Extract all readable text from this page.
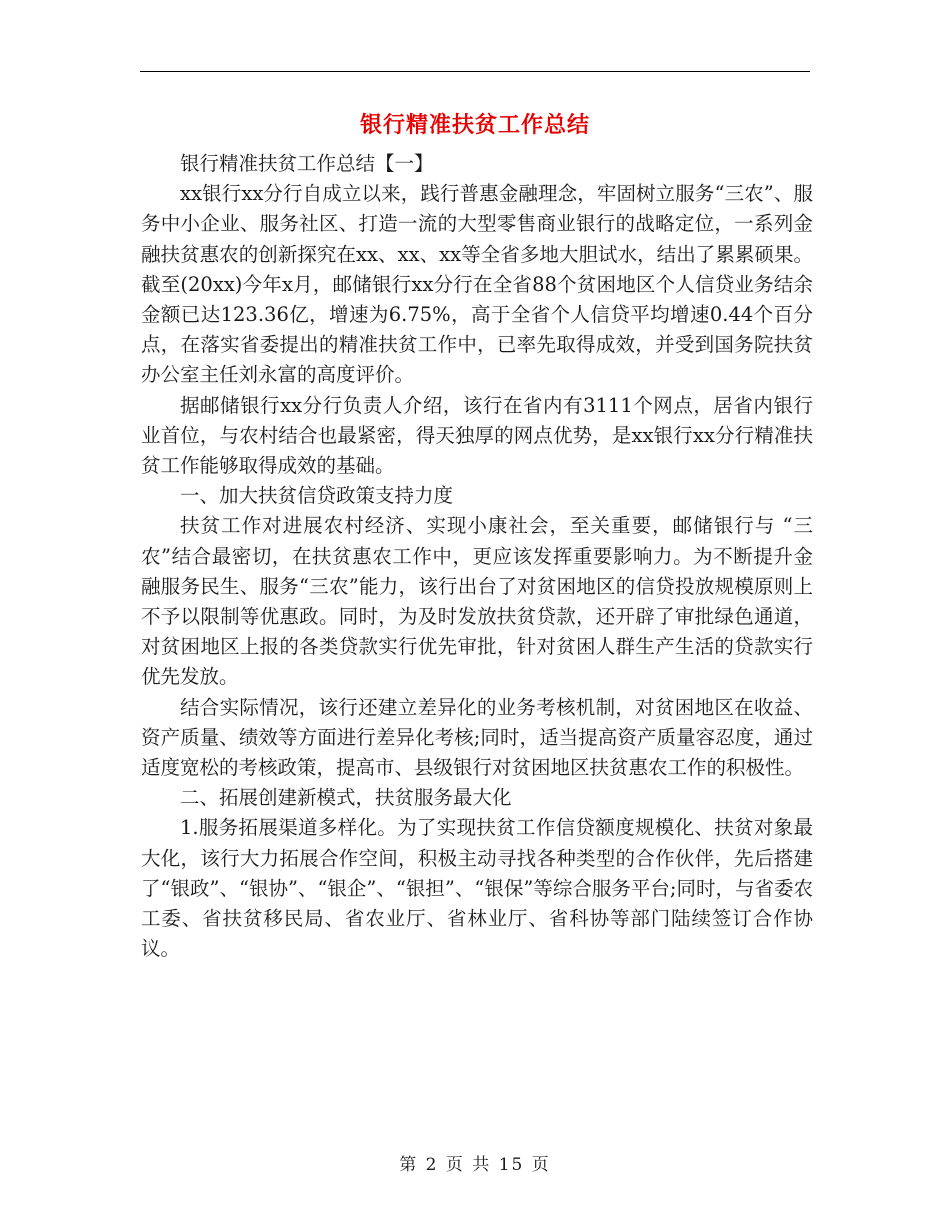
银行精准扶贫工作总结

银行精准扶贫工作总结【一】

xx银行xx分行自成立以来，践行普惠金融理念，牢固树立服务“三农”、服务中小企业、服务社区、打造一流的大型零售商业银行的战略定位，一系列金融扶贫惠农的创新探究在xx、xx、xx等全省多地大胆试水，结出了累累硕果。截至(20xx)今年x月，邮储银行xx分行在全省88个贫困地区个人信贷业务结余金额已达123.36亿，增速为6.75%，高于全省个人信贷平均增速0.44个百分点，在落实省委提出的精准扶贫工作中，已率先取得成效，并受到国务院扶贫办公室主任刘永富的高度评价。

据邮储银行xx分行负责人介绍，该行在省内有3111个网点，居省内银行业首位，与农村结合也最紧密，得天独厚的网点优势，是xx银行xx分行精准扶贫工作能够取得成效的基础。

一、加大扶贫信贷政策支持力度

扶贫工作对进展农村经济、实现小康社会，至关重要，邮储银行与 “三农”结合最密切，在扶贫惠农工作中，更应该发挥重要影响力。为不断提升金融服务民生、服务“三农”能力，该行出台了对贫困地区的信贷投放规模原则上不予以限制等优惠政。同时，为及时发放扶贫贷款，还开辟了审批绿色通道，对贫困地区上报的各类贷款实行优先审批，针对贫困人群生产生活的贷款实行优先发放。

结合实际情况，该行还建立差异化的业务考核机制，对贫困地区在收益、资产质量、绩效等方面进行差异化考核;同时，适当提高资产质量容忍度，通过适度宽松的考核政策，提高市、县级银行对贫困地区扶贫惠农工作的积极性。

二、拓展创建新模式，扶贫服务最大化

1.服务拓展渠道多样化。为了实现扶贫工作信贷额度规模化、扶贫对象最大化，该行大力拓展合作空间，积极主动寻找各种类型的合作伙伴，先后搭建了“银政”、“银协”、“银企”、“银担”、“银保”等综合服务平台;同时，与省委农工委、省扶贫移民局、省农业厅、省林业厅、省科协等部门陆续签订合作协议。

第 2 页 共 15 页
